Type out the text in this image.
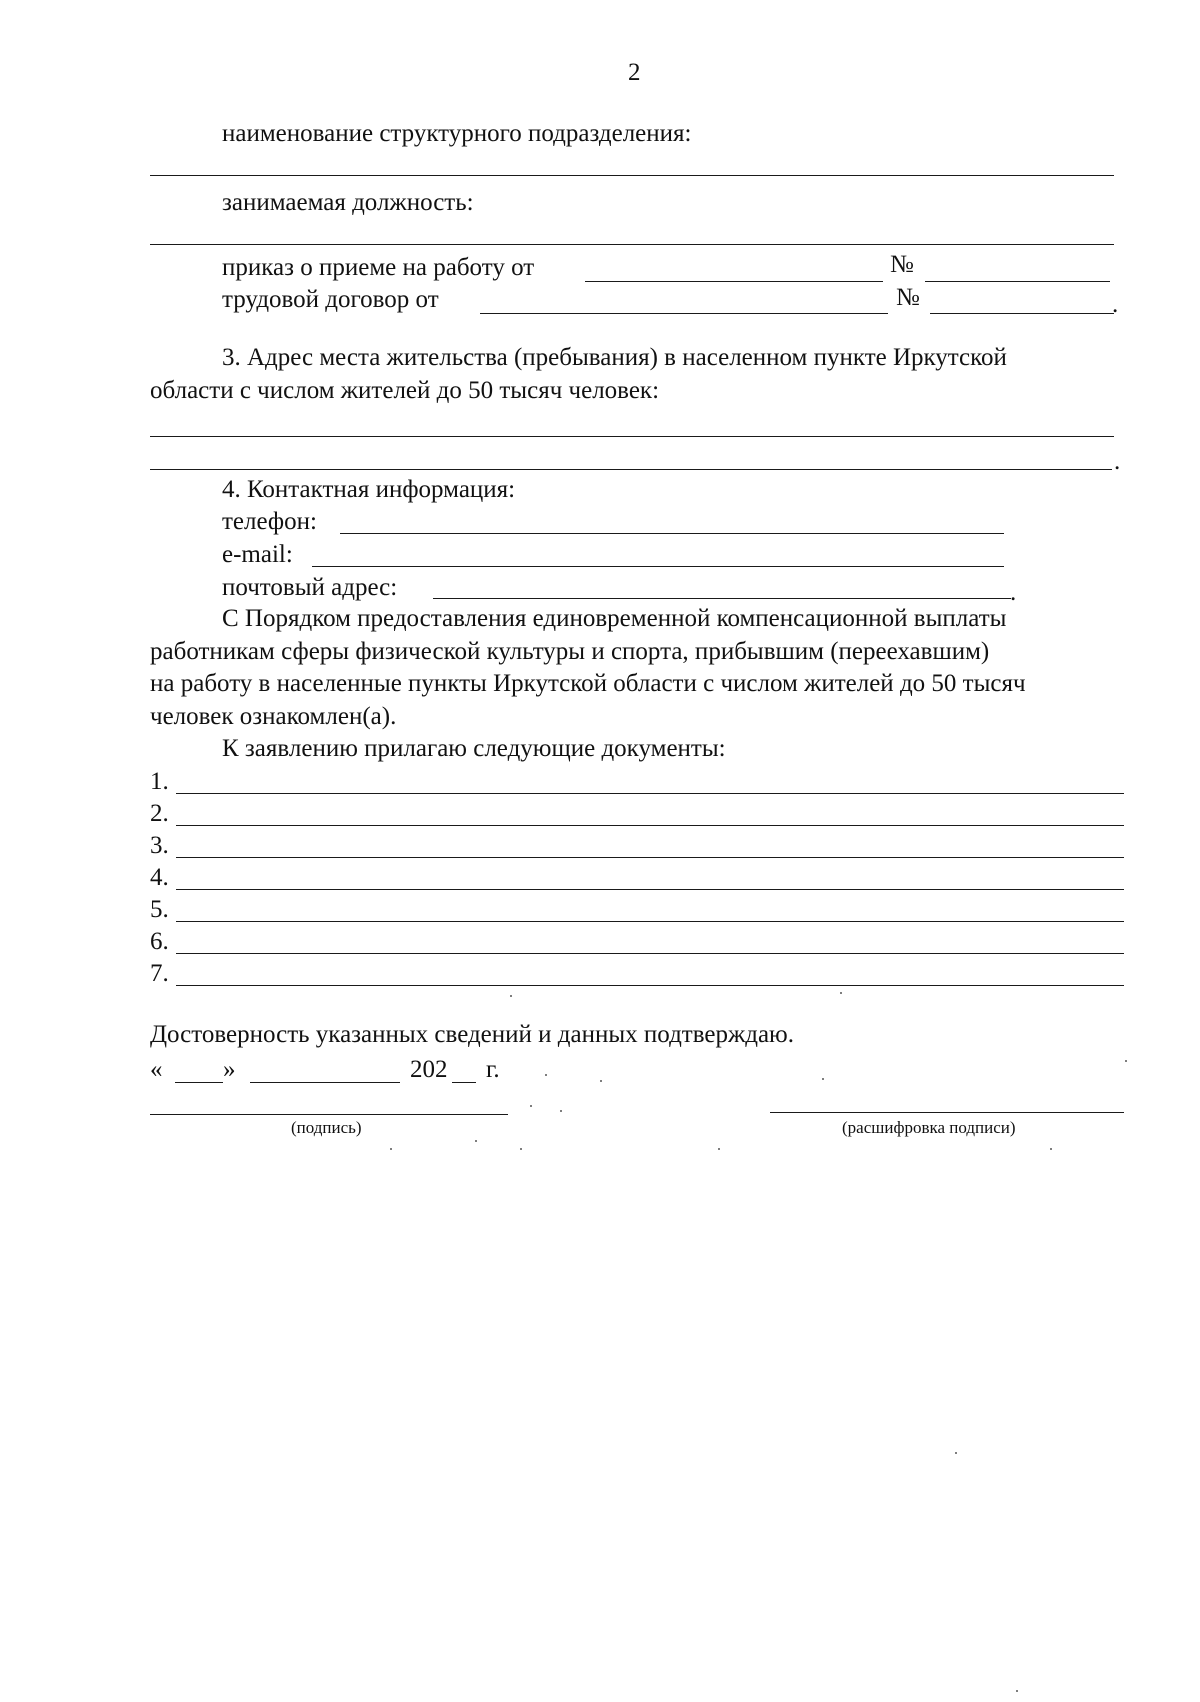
2
наименование структурного подразделения:
занимаемая должность:
приказ о приеме на работу от	№
трудовой договор от	№	.
3. Адрес места жительства (пребывания) в населенном пункте Иркутской
области с числом жителей до 50 тысяч человек:
.
4. Контактная информация:
телефон:
e-mail:
почтовый адрес:	.
С Порядком предоставления единовременной компенсационной выплаты
работникам сферы физической культуры и спорта, прибывшим (переехавшим)
на работу в населенные пункты Иркутской области с числом жителей до 50 тысяч
человек ознакомлен(а).
К заявлению прилагаю следующие документы:
1.
2.
3.
4.
5.
6.
7.
Достоверность указанных сведений и данных подтверждаю.
« »	202 г.
(подпись)	(расшифровка подписи)
